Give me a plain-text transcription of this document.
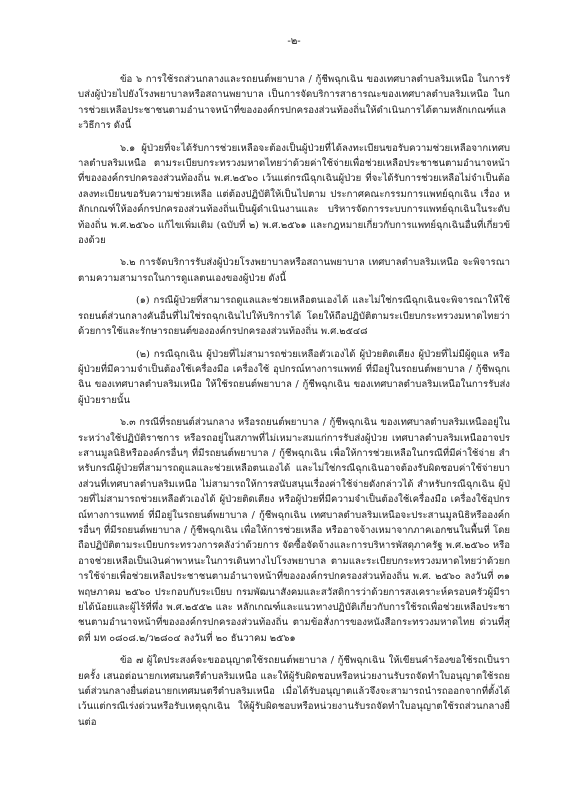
-๒-

ข้อ ๖ การใช้รถส่วนกลางและรถยนต์พยาบาล / กู้ชีพฉุกเฉิน ของเทศบาลตำบลริมเหนือ ในการรับส่งผู้ป่วยไปยังโรงพยาบาลหรือสถานพยาบาล เป็นการจัดบริการสาธารณะของเทศบาลตำบลริมเหนือ ในการช่วยเหลือประชาชนตามอำนาจหน้าที่ขององค์กรปกครองส่วนท้องถิ่นให้ดำเนินการได้ตามหลักเกณฑ์และวิธีการ ดังนี้

๖.๑ ผู้ป่วยที่จะได้รับการช่วยเหลือจะต้องเป็นผู้ป่วยที่ได้ลงทะเบียนขอรับความช่วยเหลือจากเทศบาลตำบลริมเหนือ ตามระเบียบกระทรวงมหาดไทยว่าด้วยค่าใช้จ่ายเพื่อช่วยเหลือประชาชนตามอำนาจหน้าที่ขององค์กรปกครองส่วนท้องถิ่น พ.ศ.๒๕๖๐ เว้นแต่กรณีฉุกเฉินผู้ป่วย ที่จะได้รับการช่วยเหลือไม่จำเป็นต้องลงทะเบียนขอรับความช่วยเหลือ แต่ต้องปฏิบัติให้เป็นไปตาม ประกาศคณะกรรมการแพทย์ฉุกเฉิน เรื่อง หลักเกณฑ์ให้องค์กรปกครองส่วนท้องถิ่นเป็นผู้ดำเนินงานและ บริหารจัดการระบบการแพทย์ฉุกเฉินในระดับท้องถิ่น พ.ศ.๒๕๖๐ แก้ไขเพิ่มเติม (ฉบับที่ ๒) พ.ศ.๒๕๖๑ และกฎหมายเกี่ยวกับการแพทย์ฉุกเฉินอื่นที่เกี่ยวข้องด้วย

๖.๒ การจัดบริการรับส่งผู้ป่วยโรงพยาบาลหรือสถานพยาบาล เทศบาลตำบลริมเหนือ จะพิจารณาตามความสามารถในการดูแลตนเองของผู้ป่วย ดังนี้

(๑) กรณีผู้ป่วยที่สามารถดูแลและช่วยเหลือตนเองได้ และไม่ใช่กรณีฉุกเฉินจะพิจารณาให้ใช้รถยนต์ส่วนกลางคันอื่นที่ไม่ใช่รถฉุกเฉินไปให้บริการได้ โดยให้ถือปฏิบัติตามระเบียบกระทรวงมหาดไทยว่าด้วยการใช้และรักษารถยนต์ขององค์กรปกครองส่วนท้องถิ่น พ.ศ.๒๕๔๘

(๒) กรณีฉุกเฉิน ผู้ป่วยที่ไม่สามารถช่วยเหลือตัวเองได้ ผู้ป่วยติดเตียง ผู้ป่วยที่ไม่มีผู้ดูแล หรือผู้ป่วยที่มีความจำเป็นต้องใช้เครื่องมือ เครื่องใช้ อุปกรณ์ทางการแพทย์ ที่มีอยู่ในรถยนต์พยาบาล / กู้ชีพฉุกเฉิน ของเทศบาลตำบลริมเหนือ ให้ใช้รถยนต์พยาบาล / กู้ชีพฉุกเฉิน ของเทศบาลตำบลริมเหนือในการรับส่งผู้ป่วยรายนั้น

๖.๓ กรณีที่รถยนต์ส่วนกลาง หรือรถยนต์พยาบาล / กู้ชีพฉุกเฉิน ของเทศบาลตำบลริมเหนืออยู่ในระหว่างใช้ปฏิบัติราชการ หรือรถอยู่ในสภาพที่ไม่เหมาะสมแก่การรับส่งผู้ป่วย เทศบาลตำบลริมเหนืออาจประสานมูลนิธิหรือองค์กรอื่นๆ ที่มีรถยนต์พยาบาล / กู้ชีพฉุกเฉิน เพื่อให้การช่วยเหลือในกรณีที่มีค่าใช้จ่าย สำหรับกรณีผู้ป่วยที่สามารถดูแลและช่วยเหลือตนเองได้ และไม่ใช่กรณีฉุกเฉินอาจต้องรับผิดชอบค่าใช้จ่ายบางส่วนที่เทศบาลตำบลริมเหนือ ไม่สามารถให้การสนับสนุนเรื่องค่าใช้จ่ายดังกล่าวได้ สำหรับกรณีฉุกเฉิน ผู้ป่วยที่ไม่สามารถช่วยเหลือตัวเองได้ ผู้ป่วยติดเตียง หรือผู้ป่วยที่มีความจำเป็นต้องใช้เครื่องมือ เครื่องใช้อุปกรณ์ทางการแพทย์ ที่มีอยู่ในรถยนต์พยาบาล / กู้ชีพฉุกเฉิน เทศบาลตำบลริมเหนือจะประสานมูลนิธิหรือองค์กรอื่นๆ ที่มีรถยนต์พยาบาล / กู้ชีพฉุกเฉิน เพื่อให้การช่วยเหลือ หรืออาจจ้างเหมาจากภาคเอกชนในพื้นที่ โดยถือปฏิบัติตามระเบียบกระทรวงการคลังว่าด้วยการ จัดซื้อจัดจ้างและการบริหารพัสดุภาครัฐ พ.ศ.๒๕๖๐ หรืออาจช่วยเหลือเป็นเงินค่าพาหนะในการเดินทางไปโรงพยาบาล ตามและระเบียบกระทรวงมหาดไทยว่าด้วยการใช้จ่ายเพื่อช่วยเหลือประชาชนตามอำนาจหน้าที่ขององค์กรปกครองส่วนท้องถิ่น พ.ศ. ๒๕๖๐ ลงวันที่ ๓๑ พฤษภาคม ๒๕๖๐ ประกอบกับระเบียบ กรมพัฒนาสังคมและสวัสดิการว่าด้วยการสงเคราะห์ครอบครัวผู้มีรายได้น้อยและผู้ไร้ที่พึ่ง พ.ศ.๒๕๕๒ และ หลักเกณฑ์และแนวทางปฏิบัติเกี่ยวกับการใช้รถเพื่อช่วยเหลือประชาชนตามอำนาจหน้าที่ขององค์กรปกครองส่วนท้องถิ่น ตามข้อสั่งการของหนังสือกระทรวงมหาดไทย ด่วนที่สุดที่ มท ๐๘๐๘.๒/ว๒๘๐๔ ลงวันที่ ๒๐ ธันวาคม ๒๕๖๑

ข้อ ๗ ผู้ใดประสงค์จะขออนุญาตใช้รถยนต์พยาบาล / กู้ชีพฉุกเฉิน ให้เขียนคำร้องขอใช้รถเป็นรายครั้ง เสนอต่อนายกเทศมนตรีตำบลริมเหนือ และให้ผู้รับผิดชอบหรือหน่วยงานรับรถจัดทำใบอนุญาตใช้รถยนต์ส่วนกลางยื่นต่อนายกเทศมนตรีตำบลริมเหนือ เมื่อได้รับอนุญาตแล้วจึงจะสามารถนำรถออกจากที่ตั้งได้ เว้นแต่กรณีเร่งด่วนหรือรับเหตุฉุกเฉิน ให้ผู้รับผิดชอบหรือหน่วยงานรับรถจัดทำใบอนุญาตใช้รถส่วนกลางยื่นต่อ
